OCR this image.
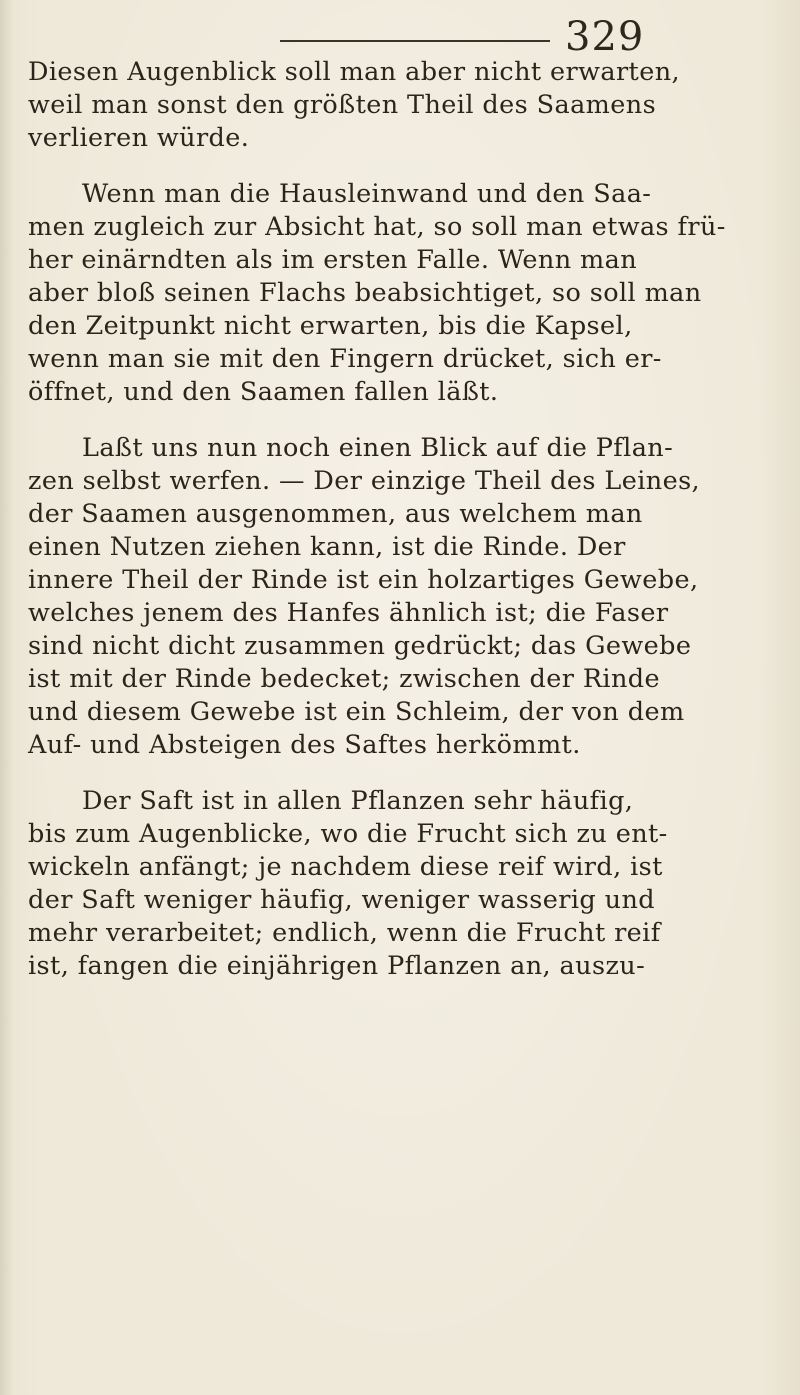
329
Diesen Augenblick soll man aber nicht erwarten,
weil man sonst den größten Theil des Saamens
verlieren würde.
Wenn man die Hausleinwand und den Saa-
men zugleich zur Absicht hat, so soll man etwas frü-
her einärndten als im ersten Falle. Wenn man
aber bloß seinen Flachs beabsichtiget, so soll man
den Zeitpunkt nicht erwarten, bis die Kapsel,
wenn man sie mit den Fingern drücket, sich er-
öffnet, und den Saamen fallen läßt.
Laßt uns nun noch einen Blick auf die Pflan-
zen selbst werfen. — Der einzige Theil des Leines,
der Saamen ausgenommen, aus welchem man
einen Nutzen ziehen kann, ist die Rinde. Der
innere Theil der Rinde ist ein holzartiges Gewebe,
welches jenem des Hanfes ähnlich ist; die Faser
sind nicht dicht zusammen gedrückt; das Gewebe
ist mit der Rinde bedecket; zwischen der Rinde
und diesem Gewebe ist ein Schleim, der von dem
Auf- und Absteigen des Saftes herkömmt.
Der Saft ist in allen Pflanzen sehr häufig,
bis zum Augenblicke, wo die Frucht sich zu ent-
wickeln anfängt; je nachdem diese reif wird, ist
der Saft weniger häufig, weniger wasserig und
mehr verarbeitet; endlich, wenn die Frucht reif
ist, fangen die einjährigen Pflanzen an, auszu-
